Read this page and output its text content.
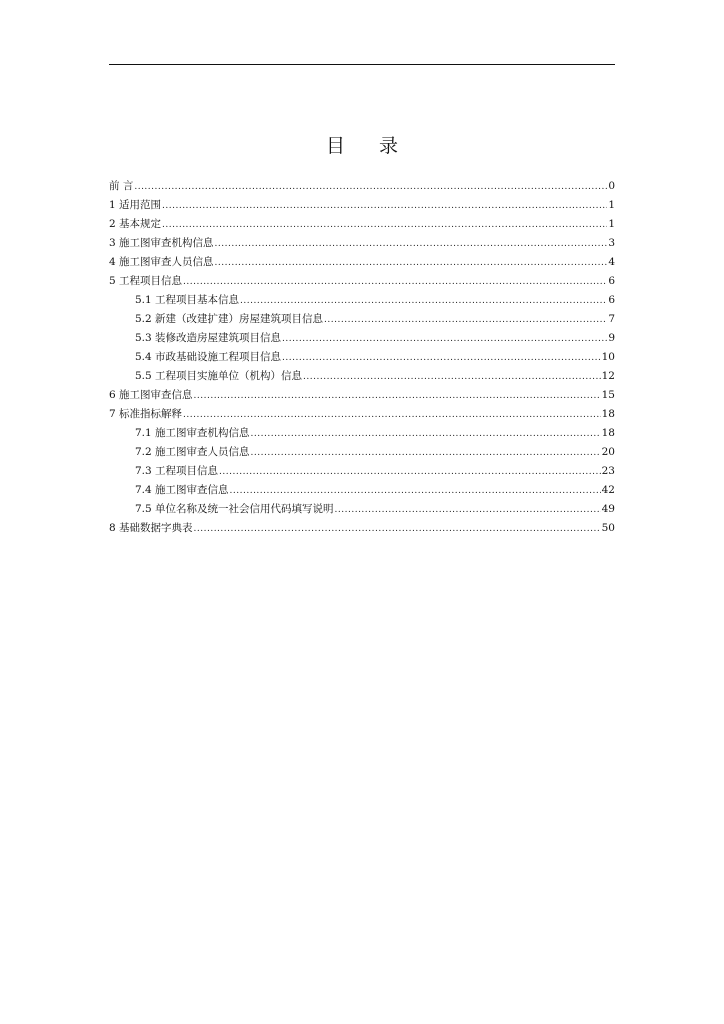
目 录
前 言 .....	0
1 适用范围 .....	1
2 基本规定 .....	1
3 施工图审查机构信息 .....	3
4 施工图审查人员信息 .....	4
5 工程项目信息 .....	6
5.1 工程项目基本信息 .....	6
5.2 新建（改建扩建）房屋建筑项目信息 .....	7
5.3 装修改造房屋建筑项目信息 .....	9
5.4 市政基础设施工程项目信息 .....	10
5.5 工程项目实施单位（机构）信息 .....	12
6 施工图审查信息 .....	15
7 标准指标解释 .....	18
7.1 施工图审查机构信息 .....	18
7.2 施工图审查人员信息 .....	20
7.3 工程项目信息 .....	23
7.4 施工图审查信息 .....	42
7.5 单位名称及统一社会信用代码填写说明 .....	49
8 基础数据字典表 .....	50
